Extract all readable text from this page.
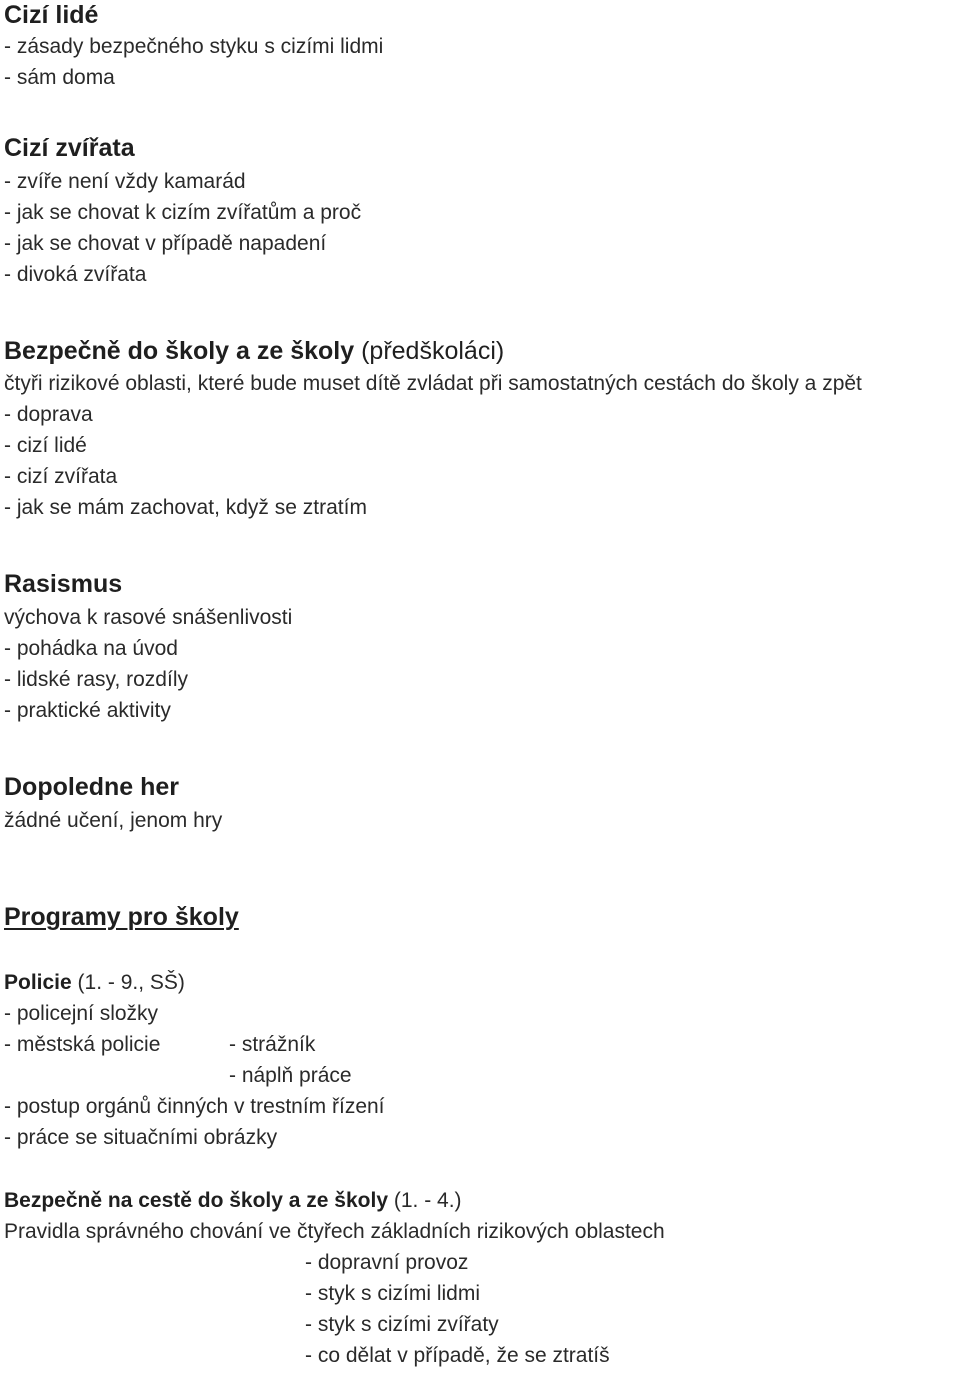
Cizí lidé
- zásady bezpečného styku s cizími lidmi
- sám doma
Cizí zvířata
- zvíře není vždy kamarád
- jak se chovat k cizím zvířatům a proč
- jak se chovat v případě napadení
- divoká zvířata
Bezpečně do školy a ze školy (předškoláci)
čtyři rizikové oblasti, které bude muset dítě zvládat při samostatných cestách do školy a zpět
- doprava
- cizí lidé
- cizí zvířata
- jak se mám zachovat, když se ztratím
Rasismus
výchova k rasové snášenlivosti
- pohádka na úvod
- lidské rasy, rozdíly
- praktické aktivity
Dopoledne her
žádné učení, jenom hry
Programy pro školy
Policie (1. - 9., SŠ)
- policejní složky
- městská policie	- strážník
- náplň práce
- postup orgánů činných v trestním řízení
- práce se situačními obrázky
Bezpečně na cestě do školy a ze školy (1. - 4.)
Pravidla správného chování ve čtyřech základních rizikových oblastech
- dopravní provoz
- styk s cizími lidmi
- styk s cizími zvířaty
- co dělat v případě, že se ztratíš
